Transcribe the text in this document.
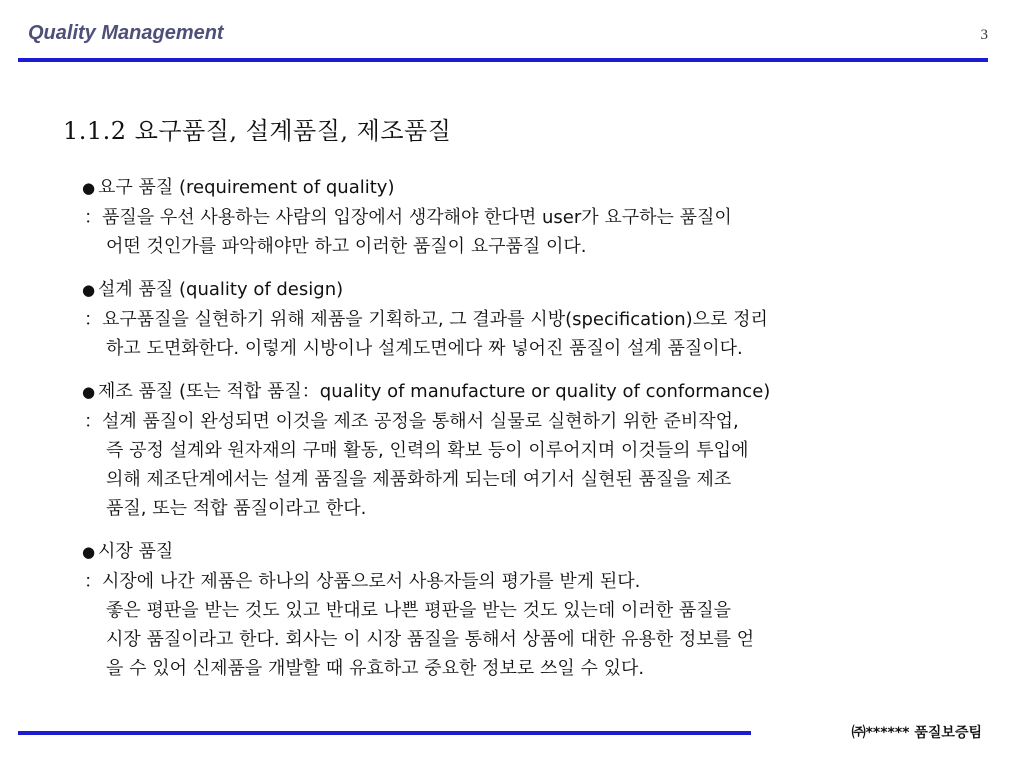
Quality Management	3
1.1.2 요구품질, 설계품질, 제조품질
● 요구 품질 (requirement of quality)
：품질을 우선 사용하는 사람의 입장에서 생각해야 한다면 user가 요구하는 품질이
어떤 것인가를 파악해야만 하고 이러한 품질이 요구품질 이다.
● 설계 품질 (quality of design)
：요구품질을 실현하기 위해 제품을 기획하고, 그 결과를 시방(specification)으로 정리
하고 도면화한다. 이렇게 시방이나 설계도면에다 짜 넣어진 품질이 설계 품질이다.
● 제조 품질 (또는 적합 품질：quality of manufacture or quality of conformance)
：설계 품질이 완성되면 이것을 제조 공정을 통해서 실물로 실현하기 위한 준비작업,
즉 공정 설계와 원자재의 구매 활동, 인력의 확보 등이 이루어지며 이것들의 투입에
의해 제조단계에서는 설계 품질을 제품화하게 되는데 여기서 실현된 품질을 제조
품질, 또는 적합 품질이라고 한다.
● 시장 품질
：시장에 나간 제품은 하나의 상품으로서 사용자들의 평가를 받게 된다.
좋은 평판을 받는 것도 있고 반대로 나쁜 평판을 받는 것도 있는데 이러한 품질을
시장 품질이라고 한다. 회사는 이 시장 품질을 통해서 상품에 대한 유용한 정보를 얻
을 수 있어 신제품을 개발할 때 유효하고 중요한 정보로 쓰일 수 있다.
㈜****** 품질보증팀
